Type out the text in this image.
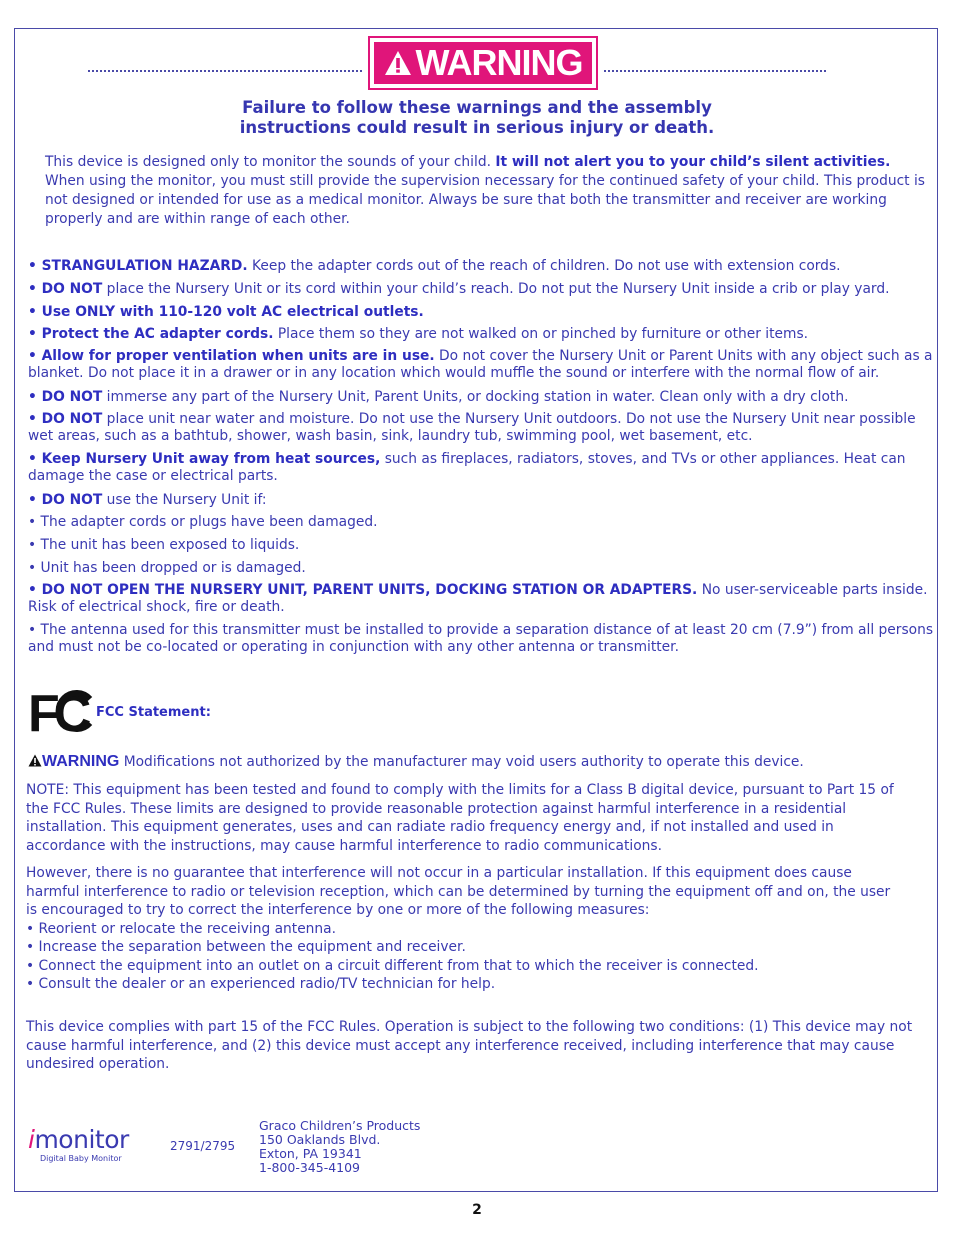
WARNING
Failure to follow these warnings and the assembly
instructions could result in serious injury or death.
This device is designed only to monitor the sounds of your child. It will not alert you to your child’s silent activities. When using the monitor, you must still provide the supervision necessary for the continued safety of your child. This product is not designed or intended for use as a medical monitor. Always be sure that both the transmitter and receiver are working properly and are within range of each other.
• STRANGULATION HAZARD. Keep the adapter cords out of the reach of children. Do not use with extension cords.
• DO NOT place the Nursery Unit or its cord within your child’s reach. Do not put the Nursery Unit inside a crib or play yard.
• Use ONLY with 110-120 volt AC electrical outlets.
• Protect the AC adapter cords. Place them so they are not walked on or pinched by furniture or other items.
• Allow for proper ventilation when units are in use. Do not cover the Nursery Unit or Parent Units with any object such as a blanket. Do not place it in a drawer or in any location which would muffle the sound or interfere with the normal flow of air.
• DO NOT immerse any part of the Nursery Unit, Parent Units, or docking station in water. Clean only with a dry cloth.
• DO NOT place unit near water and moisture. Do not use the Nursery Unit outdoors. Do not use the Nursery Unit near possible wet areas, such as a bathtub, shower, wash basin, sink, laundry tub, swimming pool, wet basement, etc.
• Keep Nursery Unit away from heat sources, such as fireplaces, radiators, stoves, and TVs or other appliances. Heat can damage the case or electrical parts.
• DO NOT use the Nursery Unit if:
• The adapter cords or plugs have been damaged.
• The unit has been exposed to liquids.
• Unit has been dropped or is damaged.
• DO NOT OPEN THE NURSERY UNIT, PARENT UNITS, DOCKING STATION OR ADAPTERS. No user-serviceable parts inside. Risk of electrical shock, fire or death.
• The antenna used for this transmitter must be installed to provide a separation distance of at least 20 cm (7.9”) from all persons and must not be co-located or operating in conjunction with any other antenna or transmitter.
FC FCC Statement:
WARNING Modifications not authorized by the manufacturer may void users authority to operate this device.
NOTE: This equipment has been tested and found to comply with the limits for a Class B digital device, pursuant to Part 15 of the FCC Rules. These limits are designed to provide reasonable protection against harmful interference in a residential installation. This equipment generates, uses and can radiate radio frequency energy and, if not installed and used in accordance with the instructions, may cause harmful interference to radio communications.
However, there is no guarantee that interference will not occur in a particular installation. If this equipment does cause harmful interference to radio or television reception, which can be determined by turning the equipment off and on, the user is encouraged to try to correct the interference by one or more of the following measures:
• Reorient or relocate the receiving antenna.
• Increase the separation between the equipment and receiver.
• Connect the equipment into an outlet on a circuit different from that to which the receiver is connected.
• Consult the dealer or an experienced radio/TV technician for help.
This device complies with part 15 of the FCC Rules. Operation is subject to the following two conditions: (1) This device may not cause harmful interference, and (2) this device must accept any interference received, including interference that may cause undesired operation.
imonitor
Digital Baby Monitor
2791/2795
Graco Children’s Products
150 Oaklands Blvd.
Exton, PA 19341
1-800-345-4109
2
